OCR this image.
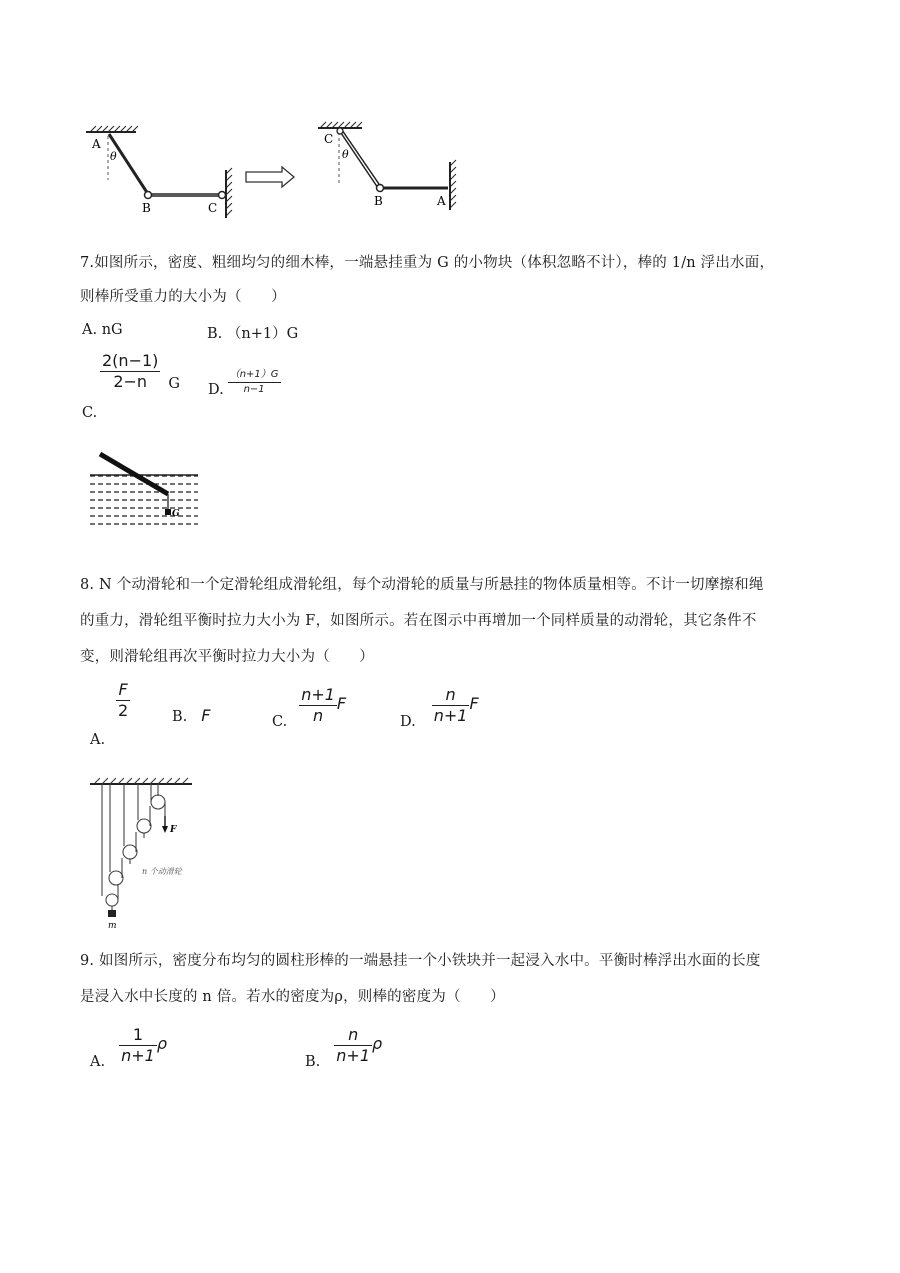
A
θ
B	C
C
θ
B	A
7.如图所示，密度、粗细均匀的细木棒，一端悬挂重为 G 的小物块（体积忽略不计），棒的 1/n 浮出水面，
则棒所受重力的大小为（　　）
A. nG	B. （n+1）G
$\frac{2(n-1)}{2-n}$ G
C.
D. $\frac{(n+1)G}{n-1}$
G
8. N 个动滑轮和一个定滑轮组成滑轮组，每个动滑轮的质量与所悬挂的物体质量相等。不计一切摩擦和绳
的重力，滑轮组平衡时拉力大小为 F，如图所示。若在图示中再增加一个同样质量的动滑轮，其它条件不
变，则滑轮组再次平衡时拉力大小为（　　）
$\frac{F}{2}$
A.
B. F	C. $\frac{n+1}{n}$ F
D. $\frac{n}{n+1}$ F
F
n 个动滑轮
m
9. 如图所示，密度分布均匀的圆柱形棒的一端悬挂一个小铁块并一起浸入水中。平衡时棒浮出水面的长度
是浸入水中长度的 n 倍。若水的密度为ρ，则棒的密度为（　　）
A. $\frac{1}{n+1}$ ρ
B. $\frac{n}{n+1}$ ρ
